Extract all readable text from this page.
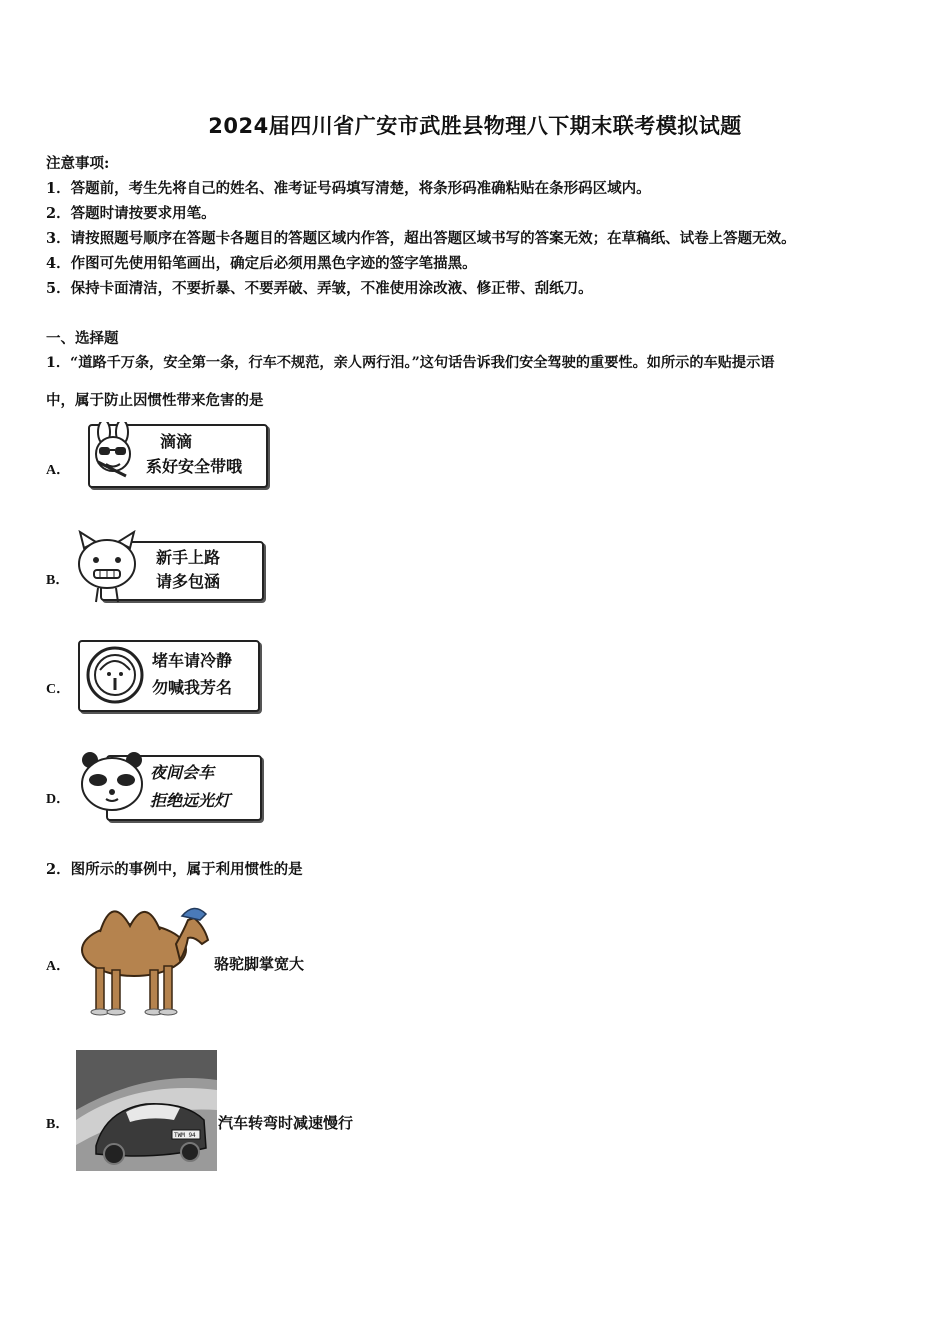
2024届四川省广安市武胜县物理八下期末联考模拟试题
注意事项:
1．答题前，考生先将自己的姓名、准考证号码填写清楚，将条形码准确粘贴在条形码区域内。
2．答题时请按要求用笔。
3．请按照题号顺序在答题卡各题目的答题区域内作答，超出答题区域书写的答案无效；在草稿纸、试卷上答题无效。
4．作图可先使用铅笔画出，确定后必须用黑色字迹的签字笔描黑。
5．保持卡面清洁，不要折暴、不要弄破、弄皱，不准使用涂改液、修正带、刮纸刀。
一、选择题
1．“道路千万条，安全第一条，行车不规范，亲人两行泪。”这句话告诉我们安全驾驶的重要性。如所示的车贴提示语
中，属于防止因惯性带来危害的是
A．
滴滴
系好安全带哦
B．
新手上路
请多包涵
C．
堵车请冷静
勿喊我芳名
D．
夜间会车
拒绝远光灯
2．图所示的事例中，属于利用惯性的是
A．	骆驼脚掌宽大
B．
TWM 94
汽车转弯时减速慢行
